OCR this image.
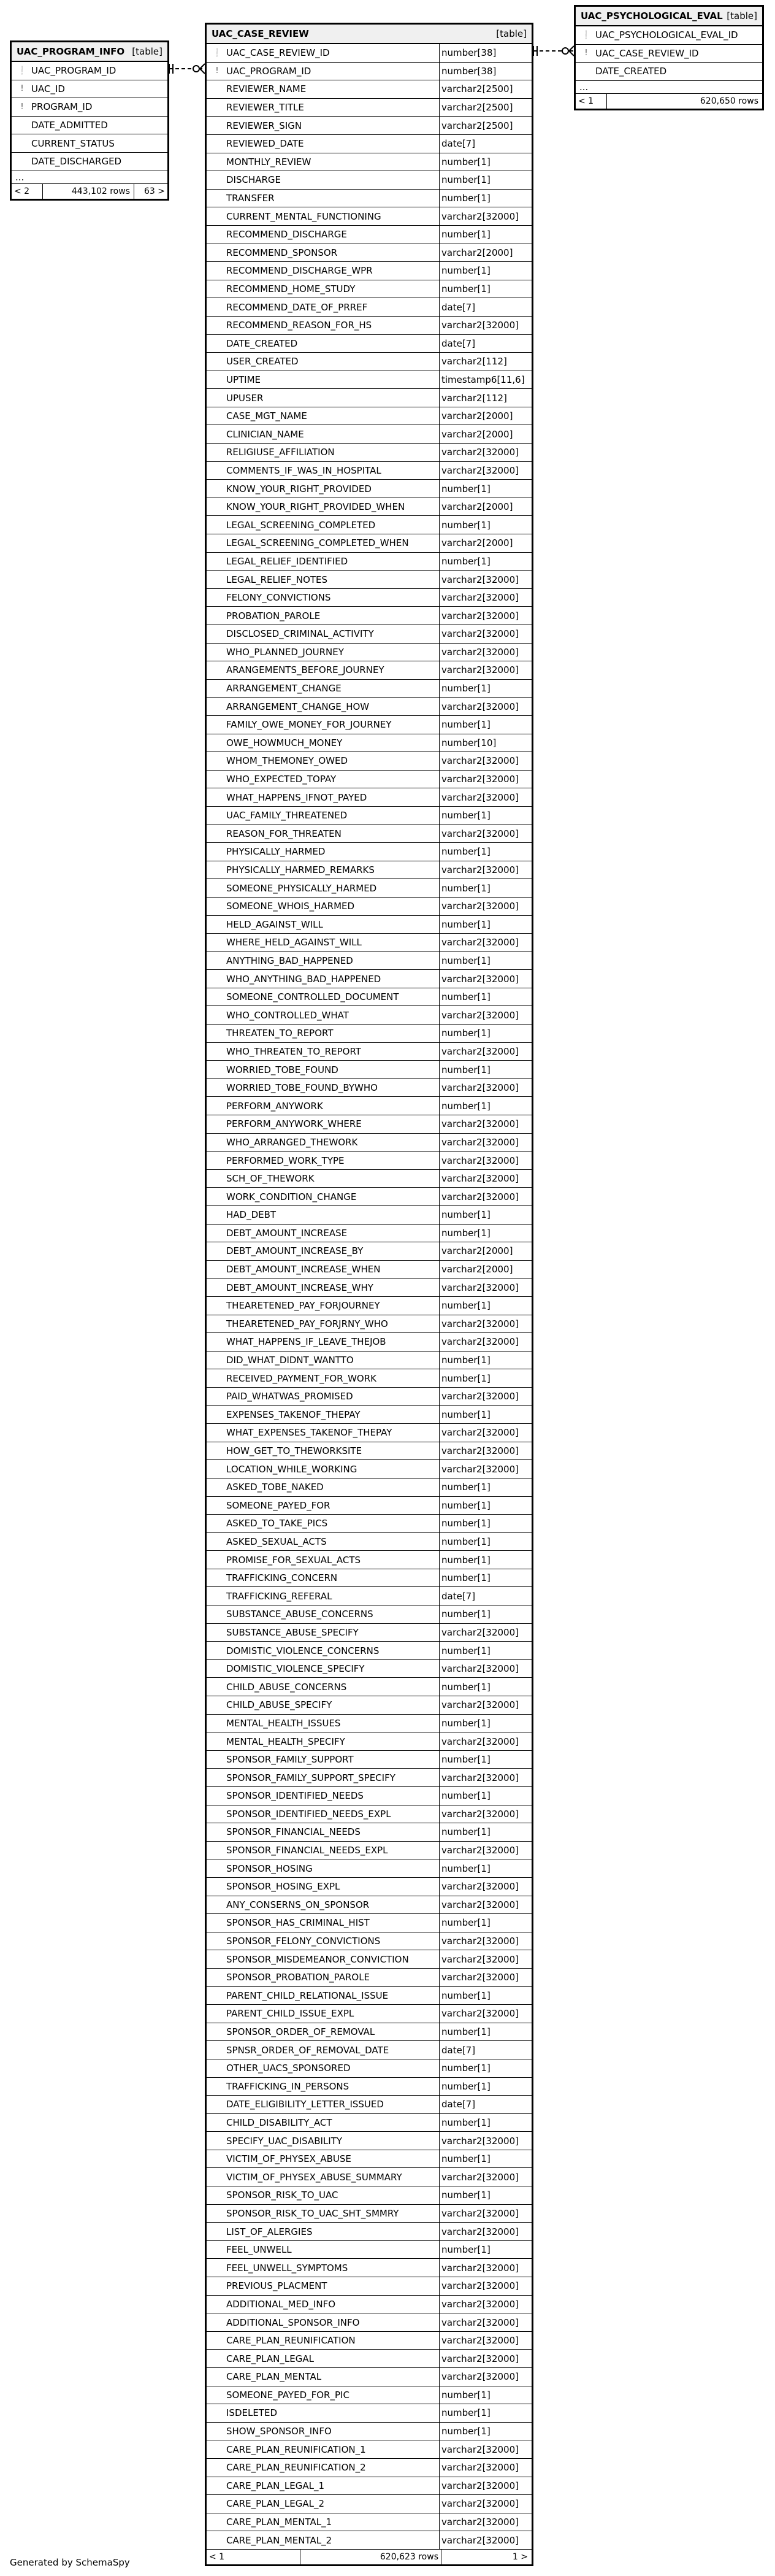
UAC_PROGRAM_INFO [table]
❕ UAC_PROGRAM_ID
! UAC_ID
! PROGRAM_ID
DATE_ADMITTED
CURRENT_STATUS
DATE_DISCHARGED
...
< 2	443,102 rows	63 >
UAC_CASE_REVIEW	[table]
❕ UAC_CASE_REVIEW_ID	number[38]
! UAC_PROGRAM_ID	number[38]
REVIEWER_NAME	varchar2[2500]
REVIEWER_TITLE	varchar2[2500]
REVIEWER_SIGN	varchar2[2500]
REVIEWED_DATE	date[7]
MONTHLY_REVIEW	number[1]
DISCHARGE	number[1]
TRANSFER	number[1]
CURRENT_MENTAL_FUNCTIONING	varchar2[32000]
RECOMMEND_DISCHARGE	number[1]
RECOMMEND_SPONSOR	varchar2[2000]
RECOMMEND_DISCHARGE_WPR	number[1]
RECOMMEND_HOME_STUDY	number[1]
RECOMMEND_DATE_OF_PRREF	date[7]
RECOMMEND_REASON_FOR_HS	varchar2[32000]
DATE_CREATED	date[7]
USER_CREATED	varchar2[112]
UPTIME	timestamp6[11,6]
UPUSER	varchar2[112]
CASE_MGT_NAME	varchar2[2000]
CLINICIAN_NAME	varchar2[2000]
RELIGIUSE_AFFILIATION	varchar2[32000]
COMMENTS_IF_WAS_IN_HOSPITAL	varchar2[32000]
KNOW_YOUR_RIGHT_PROVIDED	number[1]
KNOW_YOUR_RIGHT_PROVIDED_WHEN	varchar2[2000]
LEGAL_SCREENING_COMPLETED	number[1]
LEGAL_SCREENING_COMPLETED_WHEN	varchar2[2000]
LEGAL_RELIEF_IDENTIFIED	number[1]
LEGAL_RELIEF_NOTES	varchar2[32000]
FELONY_CONVICTIONS	varchar2[32000]
PROBATION_PAROLE	varchar2[32000]
DISCLOSED_CRIMINAL_ACTIVITY	varchar2[32000]
WHO_PLANNED_JOURNEY	varchar2[32000]
ARANGEMENTS_BEFORE_JOURNEY	varchar2[32000]
ARRANGEMENT_CHANGE	number[1]
ARRANGEMENT_CHANGE_HOW	varchar2[32000]
FAMILY_OWE_MONEY_FOR_JOURNEY	number[1]
OWE_HOWMUCH_MONEY	number[10]
WHOM_THEMONEY_OWED	varchar2[32000]
WHO_EXPECTED_TOPAY	varchar2[32000]
WHAT_HAPPENS_IFNOT_PAYED	varchar2[32000]
UAC_FAMILY_THREATENED	number[1]
REASON_FOR_THREATEN	varchar2[32000]
PHYSICALLY_HARMED	number[1]
PHYSICALLY_HARMED_REMARKS	varchar2[32000]
SOMEONE_PHYSICALLY_HARMED	number[1]
SOMEONE_WHOIS_HARMED	varchar2[32000]
HELD_AGAINST_WILL	number[1]
WHERE_HELD_AGAINST_WILL	varchar2[32000]
ANYTHING_BAD_HAPPENED	number[1]
WHO_ANYTHING_BAD_HAPPENED	varchar2[32000]
SOMEONE_CONTROLLED_DOCUMENT	number[1]
WHO_CONTROLLED_WHAT	varchar2[32000]
THREATEN_TO_REPORT	number[1]
WHO_THREATEN_TO_REPORT	varchar2[32000]
WORRIED_TOBE_FOUND	number[1]
WORRIED_TOBE_FOUND_BYWHO	varchar2[32000]
PERFORM_ANYWORK	number[1]
PERFORM_ANYWORK_WHERE	varchar2[32000]
WHO_ARRANGED_THEWORK	varchar2[32000]
PERFORMED_WORK_TYPE	varchar2[32000]
SCH_OF_THEWORK	varchar2[32000]
WORK_CONDITION_CHANGE	varchar2[32000]
HAD_DEBT	number[1]
DEBT_AMOUNT_INCREASE	number[1]
DEBT_AMOUNT_INCREASE_BY	varchar2[2000]
DEBT_AMOUNT_INCREASE_WHEN	varchar2[2000]
DEBT_AMOUNT_INCREASE_WHY	varchar2[32000]
THEARETENED_PAY_FORJOURNEY	number[1]
THEARETENED_PAY_FORJRNY_WHO	varchar2[32000]
WHAT_HAPPENS_IF_LEAVE_THEJOB	varchar2[32000]
DID_WHAT_DIDNT_WANTTO	number[1]
RECEIVED_PAYMENT_FOR_WORK	number[1]
PAID_WHATWAS_PROMISED	varchar2[32000]
EXPENSES_TAKENOF_THEPAY	number[1]
WHAT_EXPENSES_TAKENOF_THEPAY	varchar2[32000]
HOW_GET_TO_THEWORKSITE	varchar2[32000]
LOCATION_WHILE_WORKING	varchar2[32000]
ASKED_TOBE_NAKED	number[1]
SOMEONE_PAYED_FOR	number[1]
ASKED_TO_TAKE_PICS	number[1]
ASKED_SEXUAL_ACTS	number[1]
PROMISE_FOR_SEXUAL_ACTS	number[1]
TRAFFICKING_CONCERN	number[1]
TRAFFICKING_REFERAL	date[7]
SUBSTANCE_ABUSE_CONCERNS	number[1]
SUBSTANCE_ABUSE_SPECIFY	varchar2[32000]
DOMISTIC_VIOLENCE_CONCERNS	number[1]
DOMISTIC_VIOLENCE_SPECIFY	varchar2[32000]
CHILD_ABUSE_CONCERNS	number[1]
CHILD_ABUSE_SPECIFY	varchar2[32000]
MENTAL_HEALTH_ISSUES	number[1]
MENTAL_HEALTH_SPECIFY	varchar2[32000]
SPONSOR_FAMILY_SUPPORT	number[1]
SPONSOR_FAMILY_SUPPORT_SPECIFY	varchar2[32000]
SPONSOR_IDENTIFIED_NEEDS	number[1]
SPONSOR_IDENTIFIED_NEEDS_EXPL	varchar2[32000]
SPONSOR_FINANCIAL_NEEDS	number[1]
SPONSOR_FINANCIAL_NEEDS_EXPL	varchar2[32000]
SPONSOR_HOSING	number[1]
SPONSOR_HOSING_EXPL	varchar2[32000]
ANY_CONSERNS_ON_SPONSOR	varchar2[32000]
SPONSOR_HAS_CRIMINAL_HIST	number[1]
SPONSOR_FELONY_CONVICTIONS	varchar2[32000]
SPONSOR_MISDEMEANOR_CONVICTION	varchar2[32000]
SPONSOR_PROBATION_PAROLE	varchar2[32000]
PARENT_CHILD_RELATIONAL_ISSUE	number[1]
PARENT_CHILD_ISSUE_EXPL	varchar2[32000]
SPONSOR_ORDER_OF_REMOVAL	number[1]
SPNSR_ORDER_OF_REMOVAL_DATE	date[7]
OTHER_UACS_SPONSORED	number[1]
TRAFFICKING_IN_PERSONS	number[1]
DATE_ELIGIBILITY_LETTER_ISSUED	date[7]
CHILD_DISABILITY_ACT	number[1]
SPECIFY_UAC_DISABILITY	varchar2[32000]
VICTIM_OF_PHYSEX_ABUSE	number[1]
VICTIM_OF_PHYSEX_ABUSE_SUMMARY	varchar2[32000]
SPONSOR_RISK_TO_UAC	number[1]
SPONSOR_RISK_TO_UAC_SHT_SMMRY	varchar2[32000]
LIST_OF_ALERGIES	varchar2[32000]
FEEL_UNWELL	number[1]
FEEL_UNWELL_SYMPTOMS	varchar2[32000]
PREVIOUS_PLACMENT	varchar2[32000]
ADDITIONAL_MED_INFO	varchar2[32000]
ADDITIONAL_SPONSOR_INFO	varchar2[32000]
CARE_PLAN_REUNIFICATION	varchar2[32000]
CARE_PLAN_LEGAL	varchar2[32000]
CARE_PLAN_MENTAL	varchar2[32000]
SOMEONE_PAYED_FOR_PIC	number[1]
ISDELETED	number[1]
SHOW_SPONSOR_INFO	number[1]
CARE_PLAN_REUNIFICATION_1	varchar2[32000]
CARE_PLAN_REUNIFICATION_2	varchar2[32000]
CARE_PLAN_LEGAL_1	varchar2[32000]
CARE_PLAN_LEGAL_2	varchar2[32000]
CARE_PLAN_MENTAL_1	varchar2[32000]
CARE_PLAN_MENTAL_2	varchar2[32000]
< 1	620,623 rows	1 >
UAC_PSYCHOLOGICAL_EVAL [table]
❕ UAC_PSYCHOLOGICAL_EVAL_ID
! UAC_CASE_REVIEW_ID
DATE_CREATED
...
< 1	620,650 rows
Generated by SchemaSpy
